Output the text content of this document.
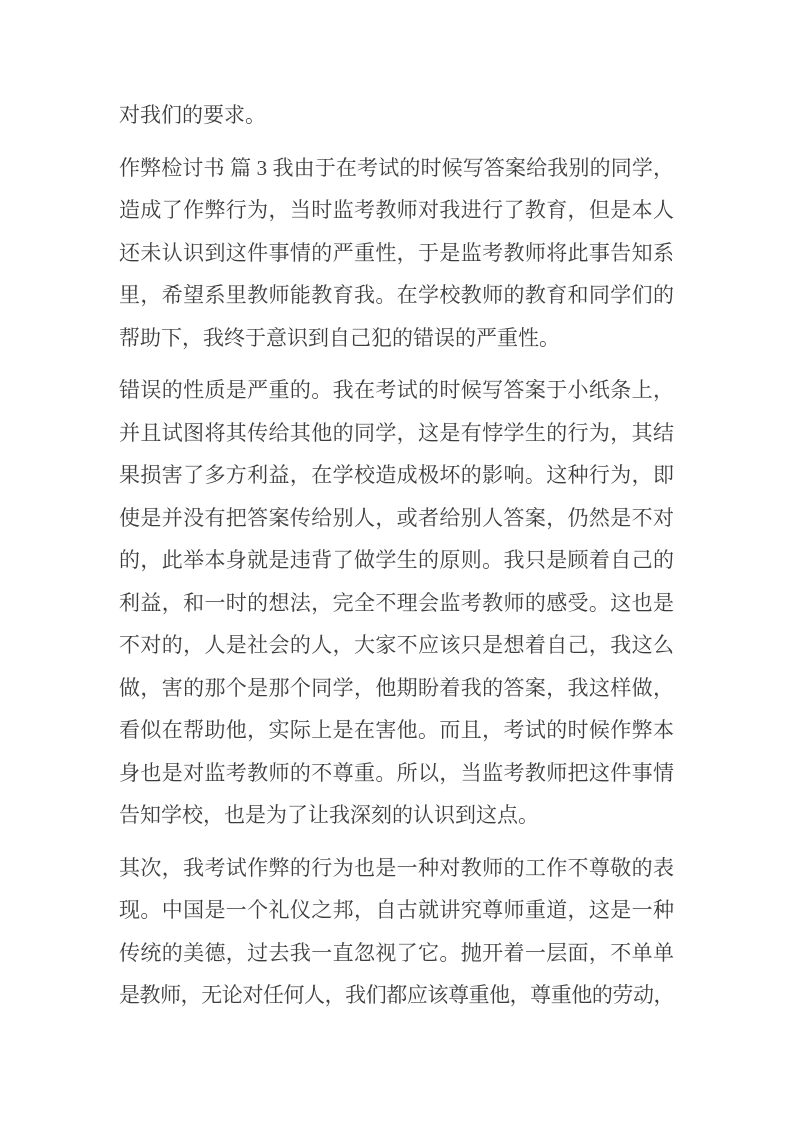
对我们的要求。

作弊检讨书 篇 3 我由于在考试的时候写答案给我别的同学，
造成了作弊行为，当时监考教师对我进行了教育，但是本人
还未认识到这件事情的严重性，于是监考教师将此事告知系
里，希望系里教师能教育我。在学校教师的教育和同学们的
帮助下，我终于意识到自己犯的错误的严重性。

错误的性质是严重的。我在考试的时候写答案于小纸条上，
并且试图将其传给其他的同学，这是有悖学生的行为，其结
果损害了多方利益，在学校造成极坏的影响。这种行为，即
使是并没有把答案传给别人，或者给别人答案，仍然是不对
的，此举本身就是违背了做学生的原则。我只是顾着自己的
利益，和一时的想法，完全不理会监考教师的感受。这也是
不对的，人是社会的人，大家不应该只是想着自己，我这么
做，害的那个是那个同学，他期盼着我的答案，我这样做，
看似在帮助他，实际上是在害他。而且，考试的时候作弊本
身也是对监考教师的不尊重。所以，当监考教师把这件事情
告知学校，也是为了让我深刻的认识到这点。

其次，我考试作弊的行为也是一种对教师的工作不尊敬的表
现。中国是一个礼仪之邦，自古就讲究尊师重道，这是一种
传统的美德，过去我一直忽视了它。抛开着一层面，不单单
是教师，无论对任何人，我们都应该尊重他，尊重他的劳动，
